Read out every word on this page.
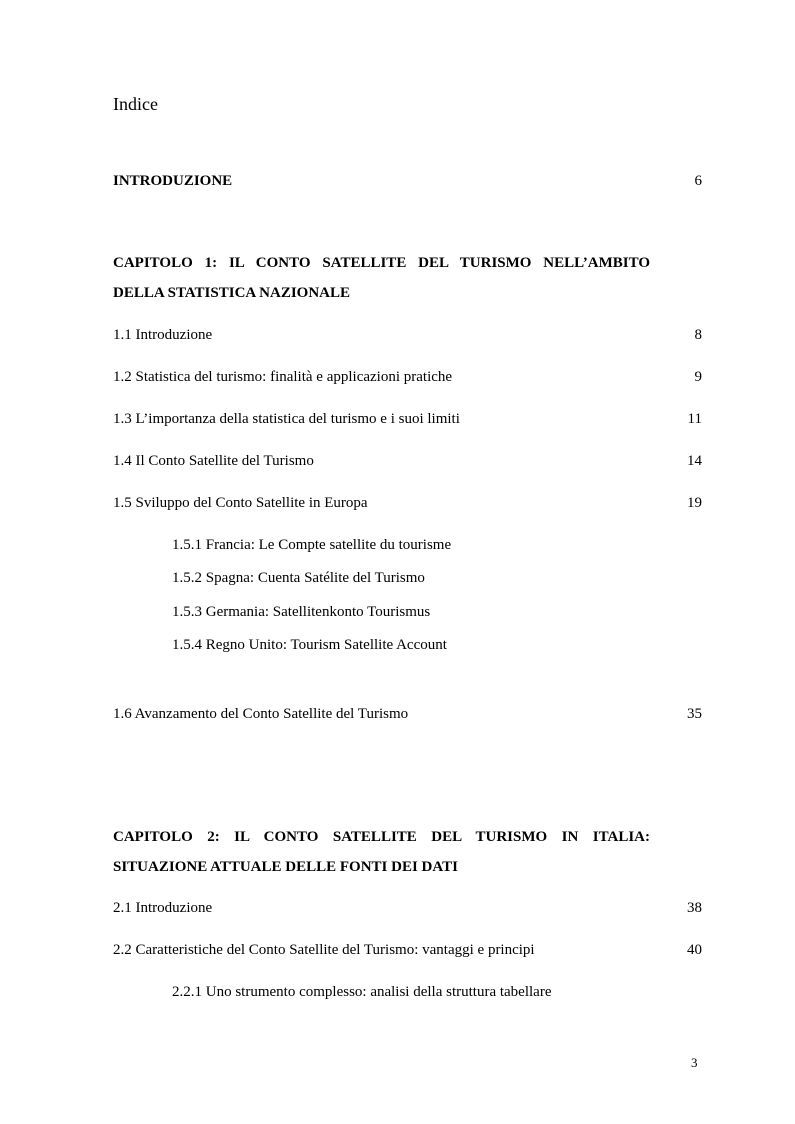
Indice
INTRODUZIONE	6
CAPITOLO 1: IL CONTO SATELLITE DEL TURISMO NELL’AMBITO
DELLA STATISTICA NAZIONALE
1.1 Introduzione	8
1.2 Statistica del turismo: finalità e applicazioni pratiche	9
1.3 L’importanza della statistica del turismo e i suoi limiti	11
1.4 Il Conto Satellite del Turismo	14
1.5 Sviluppo del Conto Satellite in Europa	19
1.5.1 Francia: Le Compte satellite du tourisme
1.5.2 Spagna: Cuenta Satélite del Turismo
1.5.3 Germania: Satellitenkonto Tourismus
1.5.4 Regno Unito: Tourism Satellite Account
1.6 Avanzamento del Conto Satellite del Turismo	35
CAPITOLO 2: IL CONTO SATELLITE DEL TURISMO IN ITALIA:
SITUAZIONE ATTUALE DELLE FONTI DEI DATI
2.1 Introduzione	38
2.2 Caratteristiche del Conto Satellite del Turismo: vantaggi e principi	40
2.2.1 Uno strumento complesso: analisi della struttura tabellare
3
